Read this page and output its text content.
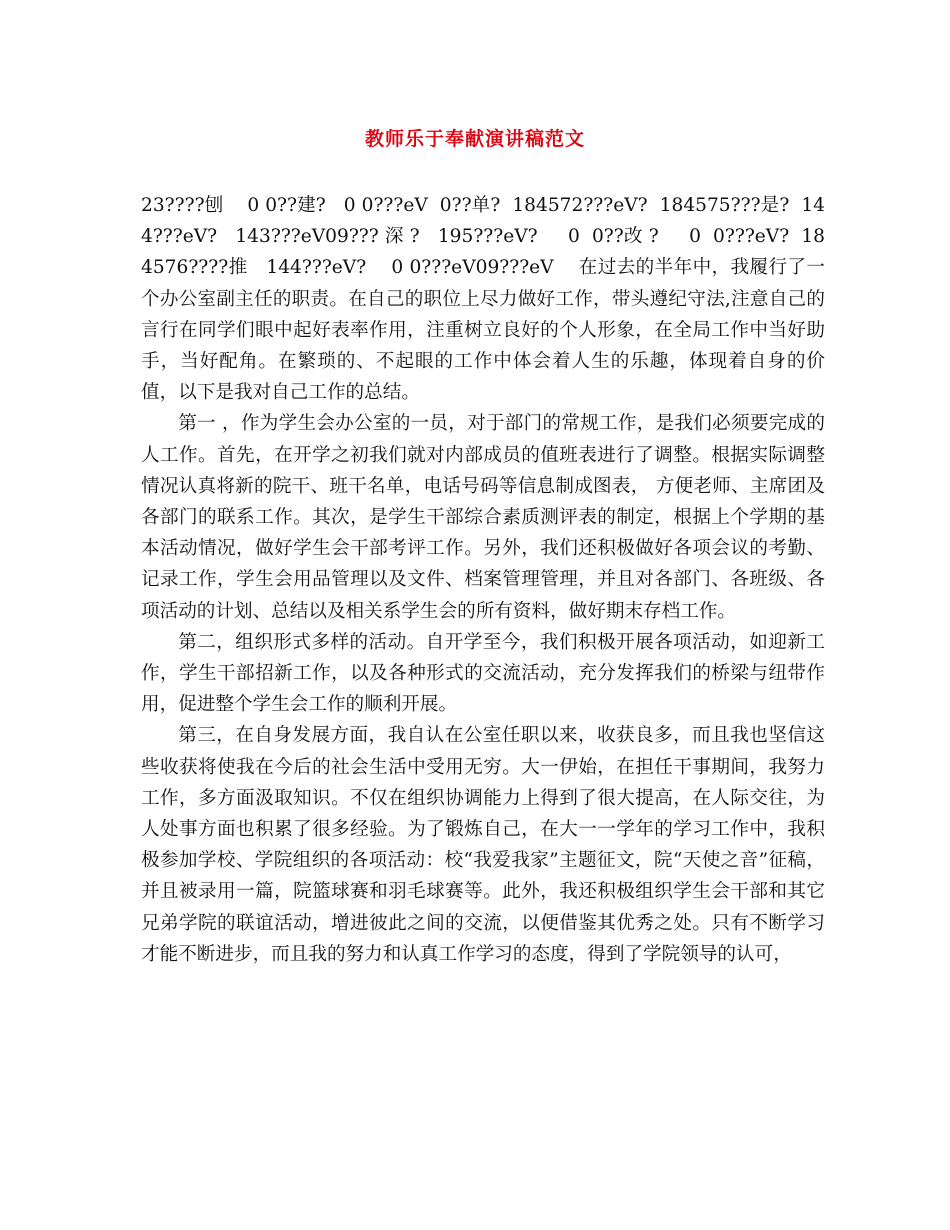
教师乐于奉献演讲稿范文

23????刨    0 0??建?   0 0???eV  0??单?  184572???eV?  184575???是?  144???eV?   143???eV09??? 深 ?   195???eV?     0  0??改 ?     0  0???eV?  184576????推   144???eV?    0 0???eV09???eV    在过去的半年中，我履行了一个办公室副主任的职责。在自己的职位上尽力做好工作，带头遵纪守法,注意自己的言行在同学们眼中起好表率作用，注重树立良好的个人形象，在全局工作中当好助手，当好配角。在繁琐的、不起眼的工作中体会着人生的乐趣，体现着自身的价值，以下是我对自己工作的总结。

第一 ，作为学生会办公室的一员，对于部门的常规工作，是我们必须要完成的人工作。首先，在开学之初我们就对内部成员的值班表进行了调整。根据实际调整情况认真将新的院干、班干名单，电话号码等信息制成图表， 方便老师、主席团及各部门的联系工作。其次，是学生干部综合素质测评表的制定，根据上个学期的基本活动情况，做好学生会干部考评工作。另外，我们还积极做好各项会议的考勤、记录工作，学生会用品管理以及文件、档案管理管理，并且对各部门、各班级、各项活动的计划、总结以及相关系学生会的所有资料，做好期末存档工作。

第二，组织形式多样的活动。自开学至今，我们积极开展各项活动，如迎新工作，学生干部招新工作，以及各种形式的交流活动，充分发挥我们的桥梁与纽带作用，促进整个学生会工作的顺利开展。

第三，在自身发展方面，我自认在公室任职以来，收获良多，而且我也坚信这些收获将使我在今后的社会生活中受用无穷。大一伊始，在担任干事期间，我努力工作，多方面汲取知识。不仅在组织协调能力上得到了很大提高，在人际交往，为人处事方面也积累了很多经验。为了锻炼自己，在大一一学年的学习工作中，我积极参加学校、学院组织的各项活动：校“我爱我家”主题征文，院“天使之音”征稿，并且被录用一篇，院篮球赛和羽毛球赛等。此外，我还积极组织学生会干部和其它兄弟学院的联谊活动，增进彼此之间的交流，以便借鉴其优秀之处。只有不断学习才能不断进步，而且我的努力和认真工作学习的态度，得到了学院领导的认可，
